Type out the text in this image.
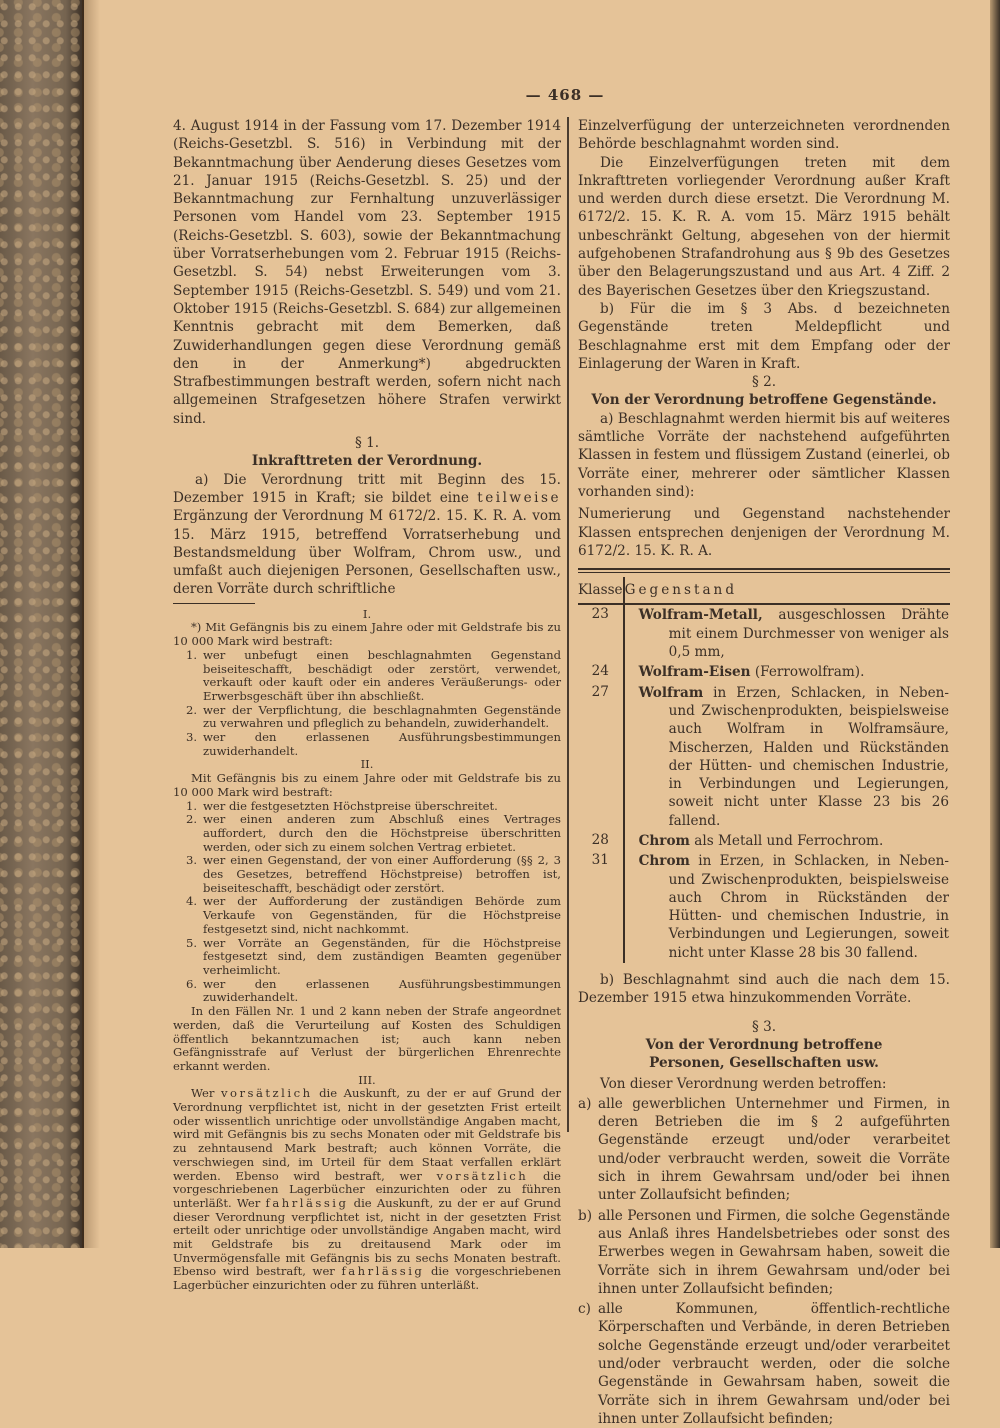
— 468 —

4. August 1914 in der Fassung vom 17. Dezember 1914 (Reichs-Gesetzbl. S. 516) in Verbindung mit der Bekanntmachung über Aenderung dieses Gesetzes vom 21. Januar 1915 (Reichs-Gesetzbl. S. 25) und der Bekanntmachung zur Fernhaltung unzuverlässiger Personen vom Handel vom 23. September 1915 (Reichs-Gesetzbl. S. 603), sowie der Bekanntmachung über Vorratserhebungen vom 2. Februar 1915 (Reichs-Gesetzbl. S. 54) nebst Erweiterungen vom 3. September 1915 (Reichs-Gesetzbl. S. 549) und vom 21. Oktober 1915 (Reichs-Gesetzbl. S. 684) zur allgemeinen Kenntnis gebracht mit dem Bemerken, daß Zuwiderhandlungen gegen diese Verordnung gemäß den in der Anmerkung*) abgedruckten Strafbestimmungen bestraft werden, sofern nicht nach allgemeinen Strafgesetzen höhere Strafen verwirkt sind.

§ 1.
Inkrafttreten der Verordnung.

a) Die Verordnung tritt mit Beginn des 15. Dezember 1915 in Kraft; sie bildet eine teilweise Ergänzung der Verordnung M 6172/2. 15. K. R. A. vom 15. März 1915, betreffend Vorratserhebung und Bestandsmeldung über Wolfram, Chrom usw., und umfaßt auch diejenigen Personen, Gesellschaften usw., deren Vorräte durch schriftliche

I.

*) Mit Gefängnis bis zu einem Jahre oder mit Geldstrafe bis zu 10 000 Mark wird bestraft:

1. wer unbefugt einen beschlagnahmten Gegenstand beiseiteschafft, beschädigt oder zerstört, verwendet, verkauft oder kauft oder ein anderes Veräußerungs- oder Erwerbsgeschäft über ihn abschließt.
2. wer der Verpflichtung, die beschlagnahmten Gegenstände zu verwahren und pfleglich zu behandeln, zuwiderhandelt.
3. wer den erlassenen Ausführungsbestimmungen zuwiderhandelt.
II.

Mit Gefängnis bis zu einem Jahre oder mit Geldstrafe bis zu 10 000 Mark wird bestraft:

1. wer die festgesetzten Höchstpreise überschreitet.
2. wer einen anderen zum Abschluß eines Vertrages auffordert, durch den die Höchstpreise überschritten werden, oder sich zu einem solchen Vertrag erbietet.
3. wer einen Gegenstand, der von einer Aufforderung (§§ 2, 3 des Gesetzes, betreffend Höchstpreise) betroffen ist, beiseiteschafft, beschädigt oder zerstört.
4. wer der Aufforderung der zuständigen Behörde zum Verkaufe von Gegenständen, für die Höchstpreise festgesetzt sind, nicht nachkommt.
5. wer Vorräte an Gegenständen, für die Höchstpreise festgesetzt sind, dem zuständigen Beamten gegenüber verheimlicht.
6. wer den erlassenen Ausführungsbestimmungen zuwiderhandelt.

In den Fällen Nr. 1 und 2 kann neben der Strafe angeordnet werden, daß die Verurteilung auf Kosten des Schuldigen öffentlich bekanntzumachen ist; auch kann neben Gefängnisstrafe auf Verlust der bürgerlichen Ehrenrechte erkannt werden.

III.

Wer vorsätzlich die Auskunft, zu der er auf Grund der Verordnung verpflichtet ist, nicht in der gesetzten Frist erteilt oder wissentlich unrichtige oder unvollständige Angaben macht, wird mit Gefängnis bis zu sechs Monaten oder mit Geldstrafe bis zu zehntausend Mark bestraft; auch können Vorräte, die verschwiegen sind, im Urteil für dem Staat verfallen erklärt werden. Ebenso wird bestraft, wer vorsätzlich die vorgeschriebenen Lagerbücher einzurichten oder zu führen unterläßt. Wer fahrlässig die Auskunft, zu der er auf Grund dieser Verordnung verpflichtet ist, nicht in der gesetzten Frist erteilt oder unrichtige oder unvollständige Angaben macht, wird mit Geldstrafe bis zu dreitausend Mark oder im Unvermögensfalle mit Gefängnis bis zu sechs Monaten bestraft. Ebenso wird bestraft, wer fahrlässig die vorgeschriebenen Lagerbücher einzurichten oder zu führen unterläßt.

Einzelverfügung der unterzeichneten verordnenden Behörde beschlagnahmt worden sind.

Die Einzelverfügungen treten mit dem Inkrafttreten vorliegender Verordnung außer Kraft und werden durch diese ersetzt. Die Verordnung M. 6172/2. 15. K. R. A. vom 15. März 1915 behält unbeschränkt Geltung, abgesehen von der hiermit aufgehobenen Strafandrohung aus § 9b des Gesetzes über den Belagerungszustand und aus Art. 4 Ziff. 2 des Bayerischen Gesetzes über den Kriegszustand.

b) Für die im § 3 Abs. d bezeichneten Gegenstände treten Meldepflicht und Beschlagnahme erst mit dem Empfang oder der Einlagerung der Waren in Kraft.

§ 2.
Von der Verordnung betroffene Gegenstände.

a) Beschlagnahmt werden hiermit bis auf weiteres sämtliche Vorräte der nachstehend aufgeführten Klassen in festem und flüssigem Zustand (einerlei, ob Vorräte einer, mehrerer oder sämtlicher Klassen vorhanden sind):

Numerierung und Gegenstand nachstehender Klassen entsprechen denjenigen der Verordnung M. 6172/2. 15. K. R. A.

Klasse	Gegenstand
23	Wolfram-Metall, ausgeschlossen Drähte mit einem Durchmesser von weniger als 0,5 mm,

24	Wolfram-Eisen (Ferrowolfram).

27	Wolfram in Erzen, Schlacken, in Neben- und Zwischenprodukten, beispielsweise auch Wolfram in Wolframsäure, Mischerzen, Halden und Rückständen der Hütten- und chemischen Industrie, in Verbindungen und Legierungen, soweit nicht unter Klasse 23 bis 26 fallend.

28	Chrom als Metall und Ferrochrom.

31	Chrom in Erzen, in Schlacken, in Neben- und Zwischenprodukten, beispielsweise auch Chrom in Rückständen der Hütten- und chemischen Industrie, in Verbindungen und Legierungen, soweit nicht unter Klasse 28 bis 30 fallend.

b) Beschlagnahmt sind auch die nach dem 15. Dezember 1915 etwa hinzukommenden Vorräte.

§ 3.
Von der Verordnung betroffene Personen, Gesellschaften usw.

Von dieser Verordnung werden betroffen:

a) alle gewerblichen Unternehmer und Firmen, in deren Betrieben die im § 2 aufgeführten Gegenstände erzeugt und/oder verarbeitet und/oder verbraucht werden, soweit die Vorräte sich in ihrem Gewahrsam und/oder bei ihnen unter Zollaufsicht befinden;
b) alle Personen und Firmen, die solche Gegenstände aus Anlaß ihres Handelsbetriebes oder sonst des Erwerbes wegen in Gewahrsam haben, soweit die Vorräte sich in ihrem Gewahrsam und/oder bei ihnen unter Zollaufsicht befinden;
c) alle Kommunen, öffentlich-rechtliche Körperschaften und Verbände, in deren Betrieben solche Gegenstände erzeugt und/oder verarbeitet und/oder verbraucht werden, oder die solche Gegenstände in Gewahrsam haben, soweit die Vorräte sich in ihrem Gewahrsam und/oder bei ihnen unter Zollaufsicht befinden;
